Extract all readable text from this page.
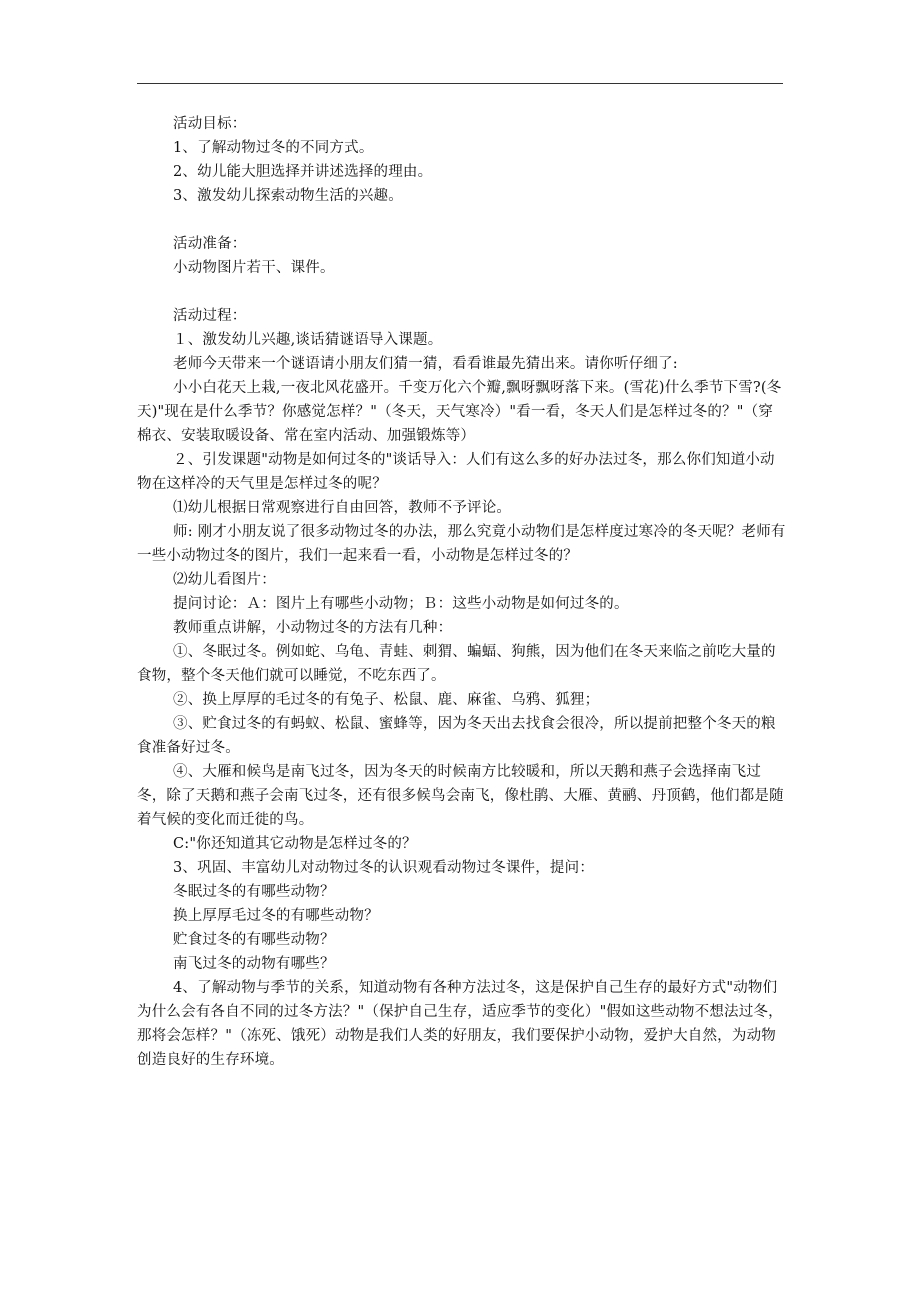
活动目标：

1、了解动物过冬的不同方式。

2、幼儿能大胆选择并讲述选择的理由。

3、激发幼儿探索动物生活的兴趣。

活动准备：

小动物图片若干、课件。

活动过程：

１、激发幼儿兴趣,谈话猜谜语导入课题。

老师今天带来一个谜语请小朋友们猜一猜，看看谁最先猜出来。请你听仔细了:

小小白花天上栽,一夜北风花盛开。千变万化六个瓣,飘呀飘呀落下来。(雪花)什么季节下雪?(冬天)"现在是什么季节？你感觉怎样？"（冬天，天气寒冷）"看一看，冬天人们是怎样过冬的？"（穿棉衣、安装取暖设备、常在室内活动、加强锻炼等）

２、引发课题"动物是如何过冬的"谈话导入：人们有这么多的好办法过冬，那么你们知道小动物在这样冷的天气里是怎样过冬的呢？

⑴幼儿根据日常观察进行自由回答，教师不予评论。

师: 刚才小朋友说了很多动物过冬的办法，那么究竟小动物们是怎样度过寒冷的冬天呢？老师有一些小动物过冬的图片，我们一起来看一看，小动物是怎样过冬的？

⑵幼儿看图片：

提问讨论：Ａ：图片上有哪些小动物；Ｂ：这些小动物是如何过冬的。

教师重点讲解，小动物过冬的方法有几种：

①、冬眠过冬。例如蛇、乌龟、青蛙、刺猬、蝙蝠、狗熊，因为他们在冬天来临之前吃大量的食物，整个冬天他们就可以睡觉，不吃东西了。

②、换上厚厚的毛过冬的有兔子、松鼠、鹿、麻雀、乌鸦、狐狸；

③、贮食过冬的有蚂蚁、松鼠、蜜蜂等，因为冬天出去找食会很冷，所以提前把整个冬天的粮食准备好过冬。

④、大雁和候鸟是南飞过冬，因为冬天的时候南方比较暖和，所以天鹅和燕子会选择南飞过冬，除了天鹅和燕子会南飞过冬，还有很多候鸟会南飞，像杜鹃、大雁、黄鹂、丹顶鹤，他们都是随着气候的变化而迁徙的鸟。

C:"你还知道其它动物是怎样过冬的？

3、巩固、丰富幼儿对动物过冬的认识观看动物过冬课件，提问：

冬眠过冬的有哪些动物？

换上厚厚毛过冬的有哪些动物？

贮食过冬的有哪些动物？

南飞过冬的动物有哪些？

4、了解动物与季节的关系，知道动物有各种方法过冬，这是保护自己生存的最好方式"动物们为什么会有各自不同的过冬方法？"（保护自己生存，适应季节的变化）"假如这些动物不想法过冬，那将会怎样？"（冻死、饿死）动物是我们人类的好朋友，我们要保护小动物，爱护大自然，为动物创造良好的生存环境。
